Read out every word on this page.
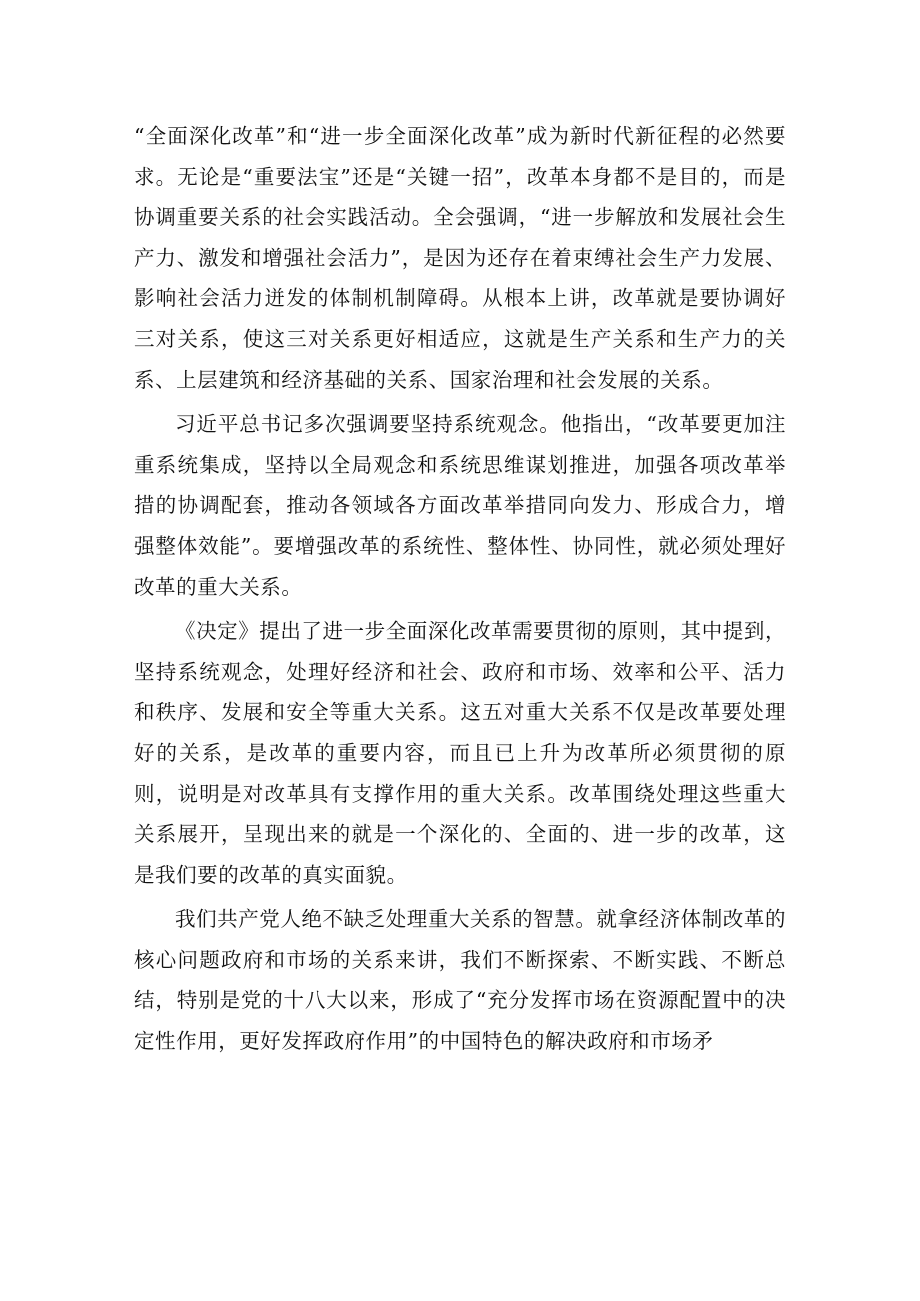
“全面深化改革”和“进一步全面深化改革”成为新时代新征程的必然要求。无论是“重要法宝”还是“关键一招”，改革本身都不是目的，而是协调重要关系的社会实践活动。全会强调，“进一步解放和发展社会生产力、激发和增强社会活力”，是因为还存在着束缚社会生产力发展、影响社会活力迸发的体制机制障碍。从根本上讲，改革就是要协调好三对关系，使这三对关系更好相适应，这就是生产关系和生产力的关系、上层建筑和经济基础的关系、国家治理和社会发展的关系。

习近平总书记多次强调要坚持系统观念。他指出，“改革要更加注重系统集成，坚持以全局观念和系统思维谋划推进，加强各项改革举措的协调配套，推动各领域各方面改革举措同向发力、形成合力，增强整体效能”。要增强改革的系统性、整体性、协同性，就必须处理好改革的重大关系。

《决定》提出了进一步全面深化改革需要贯彻的原则，其中提到，坚持系统观念，处理好经济和社会、政府和市场、效率和公平、活力和秩序、发展和安全等重大关系。这五对重大关系不仅是改革要处理好的关系，是改革的重要内容，而且已上升为改革所必须贯彻的原则，说明是对改革具有支撑作用的重大关系。改革围绕处理这些重大关系展开，呈现出来的就是一个深化的、全面的、进一步的改革，这是我们要的改革的真实面貌。

我们共产党人绝不缺乏处理重大关系的智慧。就拿经济体制改革的核心问题政府和市场的关系来讲，我们不断探索、不断实践、不断总结，特别是党的十八大以来，形成了“充分发挥市场在资源配置中的决定性作用，更好发挥政府作用”的中国特色的解决政府和市场矛
